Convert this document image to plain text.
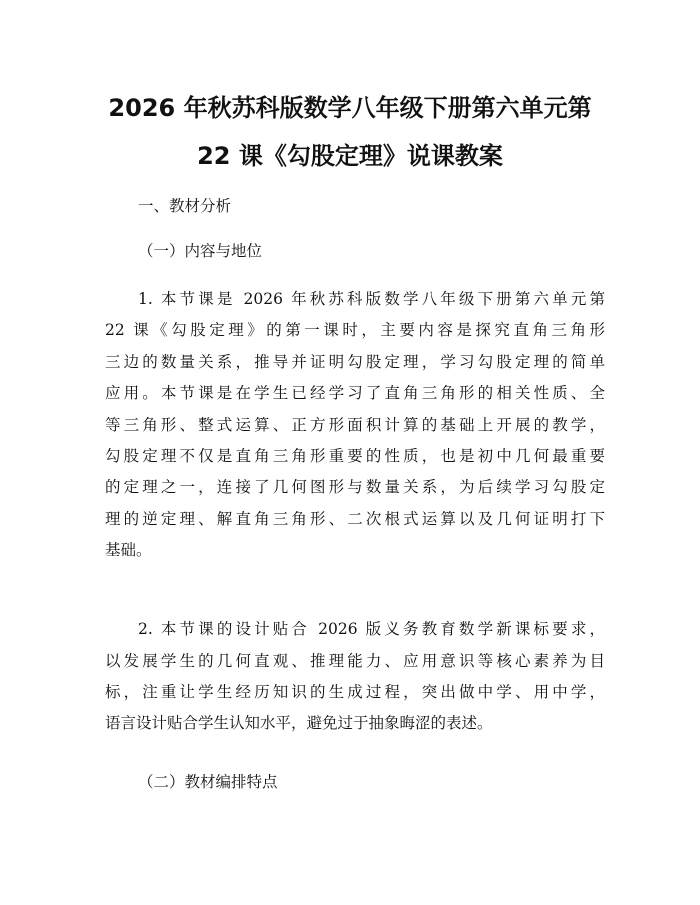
2026 年秋苏科版数学八年级下册第六单元第
22 课《勾股定理》说课教案
一、教材分析
（一）内容与地位
1. 本节课是 2026 年秋苏科版数学八年级下册第六单元第
22 课《勾股定理》的第一课时，主要内容是探究直角三角形
三边的数量关系，推导并证明勾股定理，学习勾股定理的简单
应用。本节课是在学生已经学习了直角三角形的相关性质、全
等三角形、整式运算、正方形面积计算的基础上开展的教学，
勾股定理不仅是直角三角形重要的性质，也是初中几何最重要
的定理之一，连接了几何图形与数量关系，为后续学习勾股定
理的逆定理、解直角三角形、二次根式运算以及几何证明打下
基础。
2. 本节课的设计贴合 2026 版义务教育数学新课标要求，
以发展学生的几何直观、推理能力、应用意识等核心素养为目
标，注重让学生经历知识的生成过程，突出做中学、用中学，
语言设计贴合学生认知水平，避免过于抽象晦涩的表述。
（二）教材编排特点
